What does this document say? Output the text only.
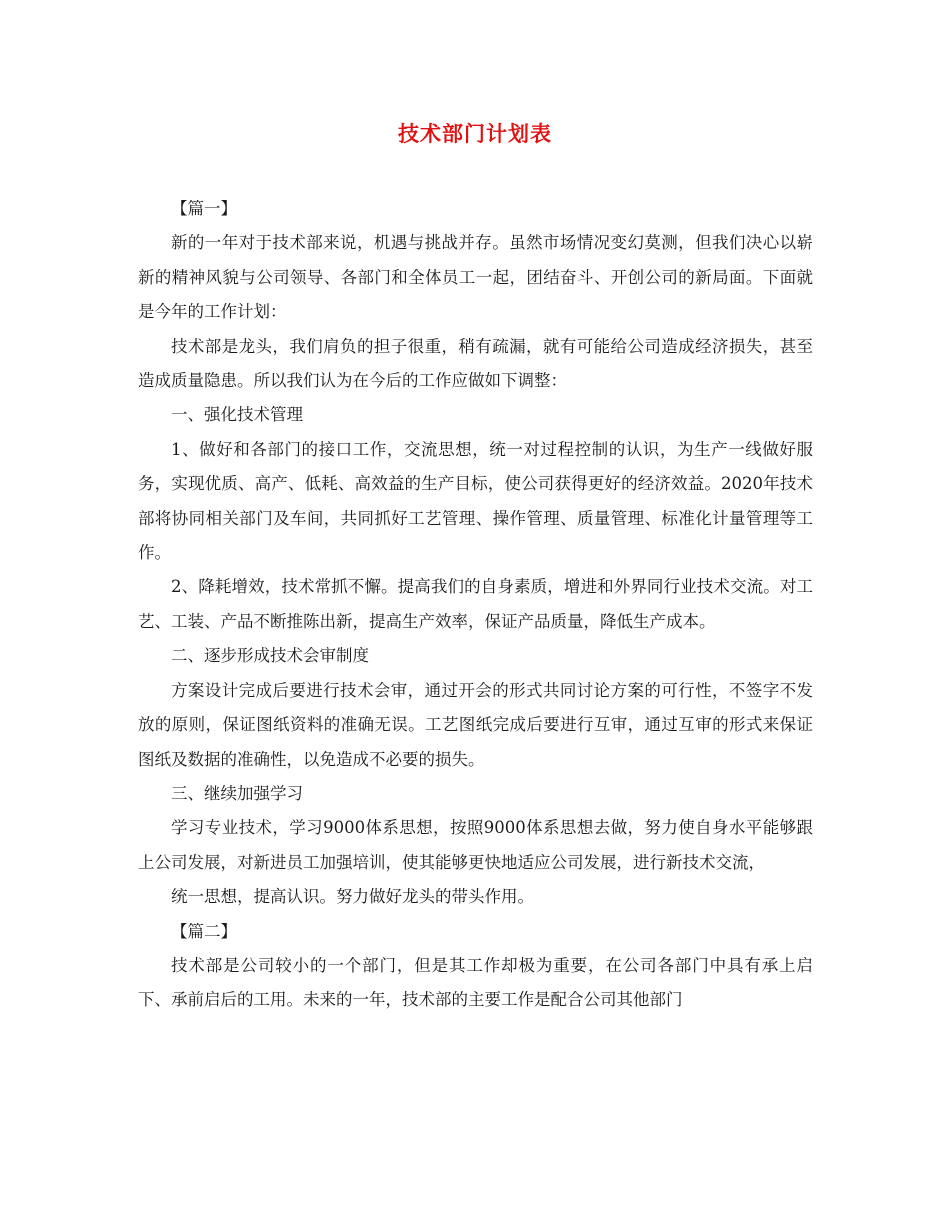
技术部门计划表

【篇一】

新的一年对于技术部来说，机遇与挑战并存。虽然市场情况变幻莫测，但我们决心以崭新的精神风貌与公司领导、各部门和全体员工一起，团结奋斗、开创公司的新局面。下面就是今年的工作计划：

技术部是龙头，我们肩负的担子很重，稍有疏漏，就有可能给公司造成经济损失，甚至造成质量隐患。所以我们认为在今后的工作应做如下调整：

一、强化技术管理

1、做好和各部门的接口工作，交流思想，统一对过程控制的认识，为生产一线做好服务，实现优质、高产、低耗、高效益的生产目标，使公司获得更好的经济效益。2020年技术部将协同相关部门及车间，共同抓好工艺管理、操作管理、质量管理、标准化计量管理等工作。

2、降耗增效，技术常抓不懈。提高我们的自身素质，增进和外界同行业技术交流。对工艺、工装、产品不断推陈出新，提高生产效率，保证产品质量，降低生产成本。

二、逐步形成技术会审制度

方案设计完成后要进行技术会审，通过开会的形式共同讨论方案的可行性，不签字不发放的原则，保证图纸资料的准确无误。工艺图纸完成后要进行互审，通过互审的形式来保证图纸及数据的准确性，以免造成不必要的损失。

三、继续加强学习

学习专业技术，学习9000体系思想，按照9000体系思想去做，努力使自身水平能够跟上公司发展，对新进员工加强培训，使其能够更快地适应公司发展，进行新技术交流，

统一思想，提高认识。努力做好龙头的带头作用。

【篇二】

技术部是公司较小的一个部门，但是其工作却极为重要，在公司各部门中具有承上启下、承前启后的工用。未来的一年，技术部的主要工作是配合公司其他部门
